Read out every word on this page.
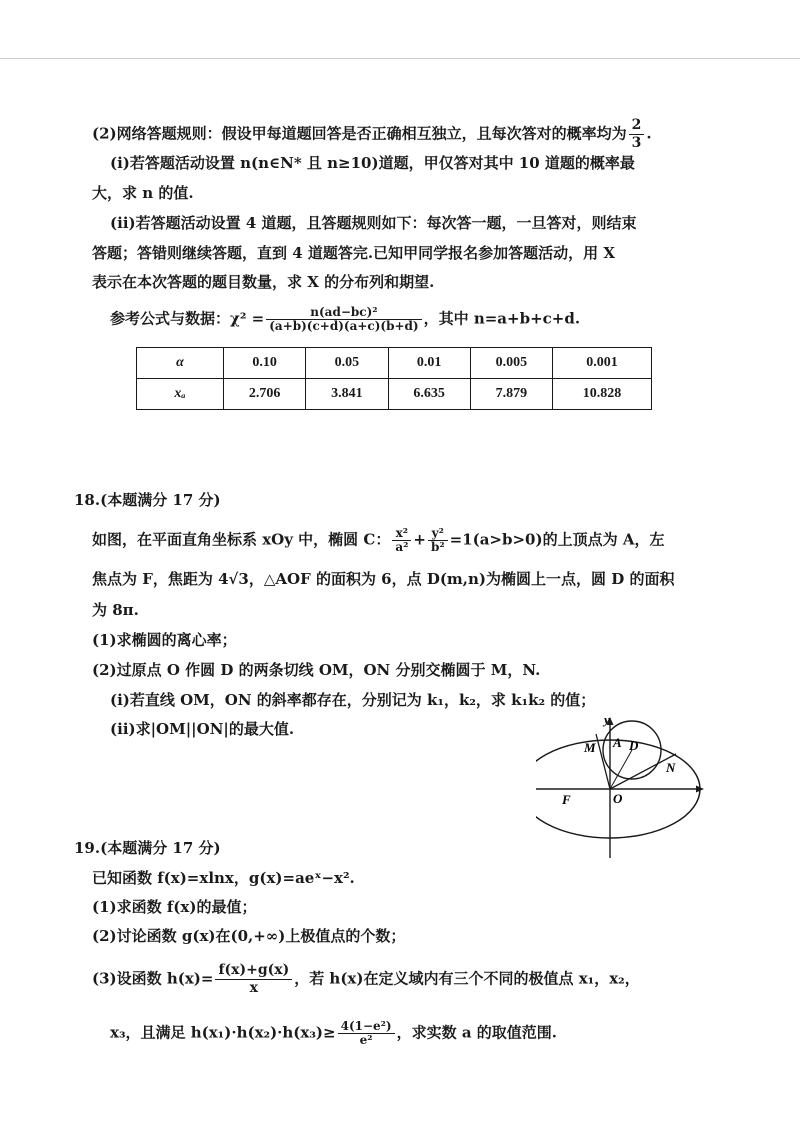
(2)网络答题规则：假设甲每道题回答是否正确相互独立，且每次答对的概率均为 $\frac{2}{3}$ .
(ⅰ)若答题活动设置 n(n∈N* 且 n≥10)道题，甲仅答对其中 10 道题的概率最
大，求 n 的值.
(ⅱ)若答题活动设置 4 道题，且答题规则如下：每次答一题，一旦答对，则结束
答题；答错则继续答题，直到 4 道题答完.已知甲同学报名参加答题活动，用 X
表示在本次答题的题目数量，求 X 的分布列和期望.
参考公式与数据：$\chi^2 = \frac{\text{n(ad−bc)²}}{(a+b)(c+d)(a+c)(b+d)}$ ，其中 n=a+b+c+d.
α	0.10	0.05	0.01	0.005	0.001
xₐ	2.706	3.841	6.635	7.879	10.828
18.(本题满分 17 分)
如图，在平面直角坐标系 xOy 中，椭圆 C： $\frac{\text{x²}}{\text{a²}} + \frac{\text{y²}}{\text{b²}} =1(a>b>0)$的上顶点为 A，左
焦点为 F，焦距为 4√3，△AOF 的面积为 6，点 D(m,n)为椭圆上一点，圆 D 的面积
为 8π.
(1)求椭圆的离心率；
(2)过原点 O 作圆 D 的两条切线 OM，ON 分别交椭圆于 M，N.
(ⅰ)若直线 OM，ON 的斜率都存在，分别记为 k₁，k₂，求 k₁k₂ 的值；
(ⅱ)求|OM||ON|的最大值.
y
M A D
N
F	O
19.(本题满分 17 分)
已知函数 f(x)=xlnx，g(x)=aeˣ−x².
(1)求函数 f(x)的最值；
(2)讨论函数 g(x)在(0,+∞)上极值点的个数；
(3)设函数 $h(x)= \frac{f(x)+g(x)}{x}$ ，若 h(x)在定义域内有三个不同的极值点 x₁，x₂，
x₃，且满足 $h(x_1)\cdot h(x_2)\cdot h(x_3)\ge \frac{\text{4(1−e²)}}{\text{e²}}$ ，求实数 a 的取值范围.
